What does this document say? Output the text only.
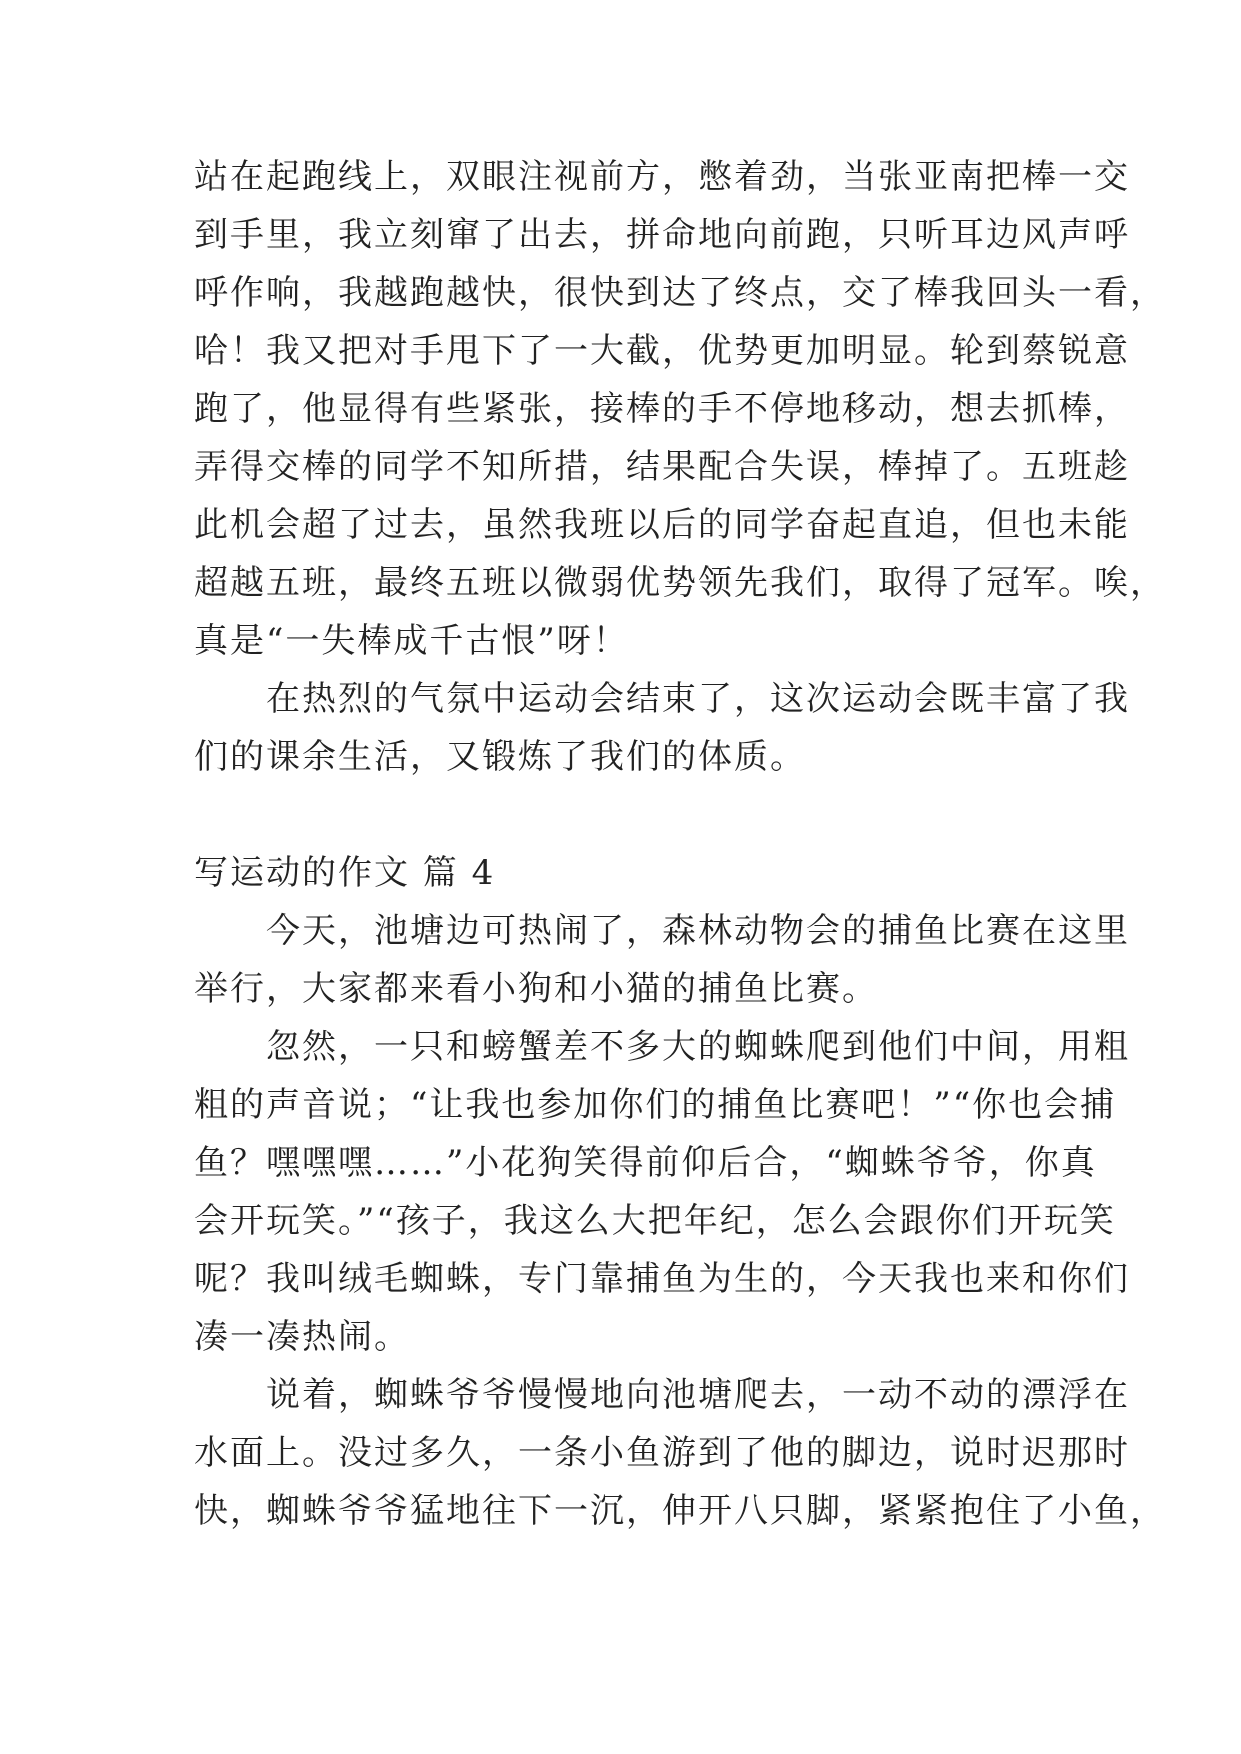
站在起跑线上，双眼注视前方，憋着劲，当张亚南把棒一交
到手里，我立刻窜了出去，拼命地向前跑，只听耳边风声呼
呼作响，我越跑越快，很快到达了终点，交了棒我回头一看，
哈！我又把对手甩下了一大截，优势更加明显。轮到蔡锐意
跑了，他显得有些紧张，接棒的手不停地移动，想去抓棒，
弄得交棒的同学不知所措，结果配合失误，棒掉了。五班趁
此机会超了过去，虽然我班以后的同学奋起直追，但也未能
超越五班，最终五班以微弱优势领先我们，取得了冠军。唉，
真是“一失棒成千古恨”呀！
　　在热烈的气氛中运动会结束了，这次运动会既丰富了我
们的课余生活，又锻炼了我们的体质。
写运动的作文 篇 4
　　今天，池塘边可热闹了，森林动物会的捕鱼比赛在这里
举行，大家都来看小狗和小猫的捕鱼比赛。
　　忽然，一只和螃蟹差不多大的蜘蛛爬到他们中间，用粗
粗的声音说；“让我也参加你们的捕鱼比赛吧！”“你也会捕
鱼？嘿嘿嘿……”小花狗笑得前仰后合，“蜘蛛爷爷，你真
会开玩笑。”“孩子，我这么大把年纪，怎么会跟你们开玩笑
呢？我叫绒毛蜘蛛，专门靠捕鱼为生的，今天我也来和你们
凑一凑热闹。
　　说着，蜘蛛爷爷慢慢地向池塘爬去，一动不动的漂浮在
水面上。没过多久，一条小鱼游到了他的脚边，说时迟那时
快，蜘蛛爷爷猛地往下一沉，伸开八只脚，紧紧抱住了小鱼，
